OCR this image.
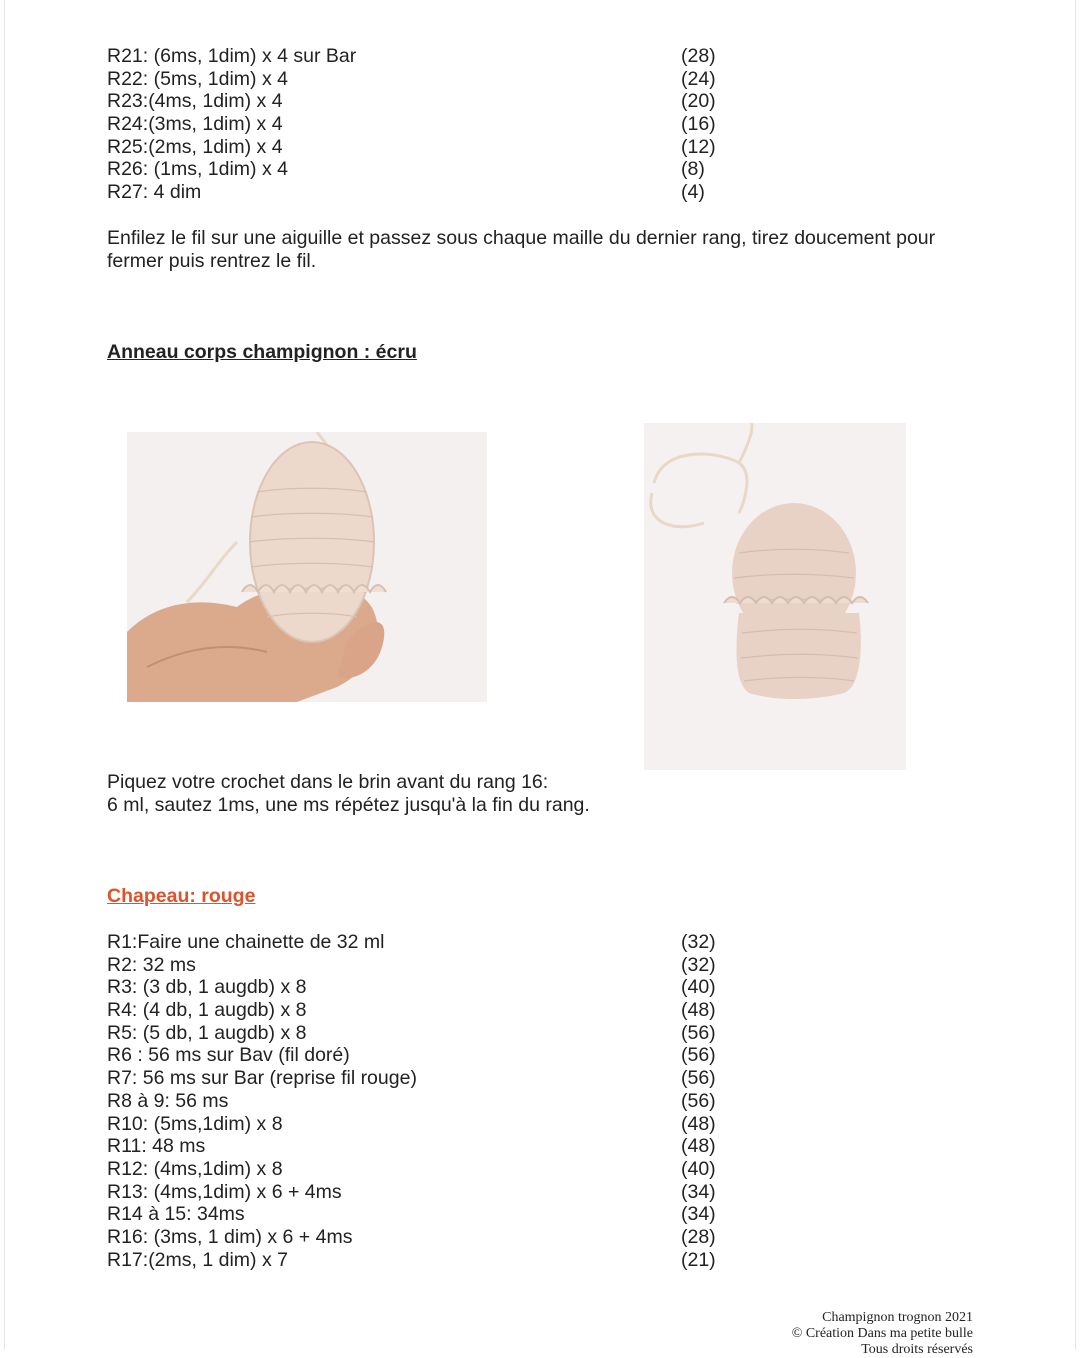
R21: (6ms, 1dim) x 4 sur Bar	(28)
R22: (5ms, 1dim) x 4	(24)
R23:(4ms, 1dim) x 4	(20)
R24:(3ms, 1dim) x 4	(16)
R25:(2ms, 1dim) x 4	(12)
R26: (1ms, 1dim) x 4	(8)
R27: 4 dim	(4)

Enfilez le fil sur une aiguille et passez sous chaque maille du dernier rang, tirez doucement pour

fermer puis rentrez le fil.

Anneau corps champignon : écru

Piquez votre crochet dans le brin avant du rang 16:

6 ml, sautez 1ms, une ms répétez jusqu'à la fin du rang.

Chapeau: rouge
R1:Faire une chainette de 32 ml	(32)
R2: 32 ms	(32)
R3: (3 db, 1 augdb) x 8	(40)
R4: (4 db, 1 augdb) x 8	(48)
R5: (5 db, 1 augdb) x 8	(56)
R6 : 56 ms sur Bav (fil doré)	(56)
R7: 56 ms sur Bar (reprise fil rouge)	(56)
R8 à 9: 56 ms	(56)
R10: (5ms,1dim) x 8	(48)
R11: 48 ms	(48)
R12: (4ms,1dim) x 8	(40)
R13: (4ms,1dim) x 6 + 4ms	(34)
R14 à 15: 34ms	(34)
R16: (3ms, 1 dim) x 6 + 4ms	(28)
R17:(2ms, 1 dim) x 7	(21)
Champignon trognon 2021
© Création Dans ma petite bulle
Tous droits réservés
